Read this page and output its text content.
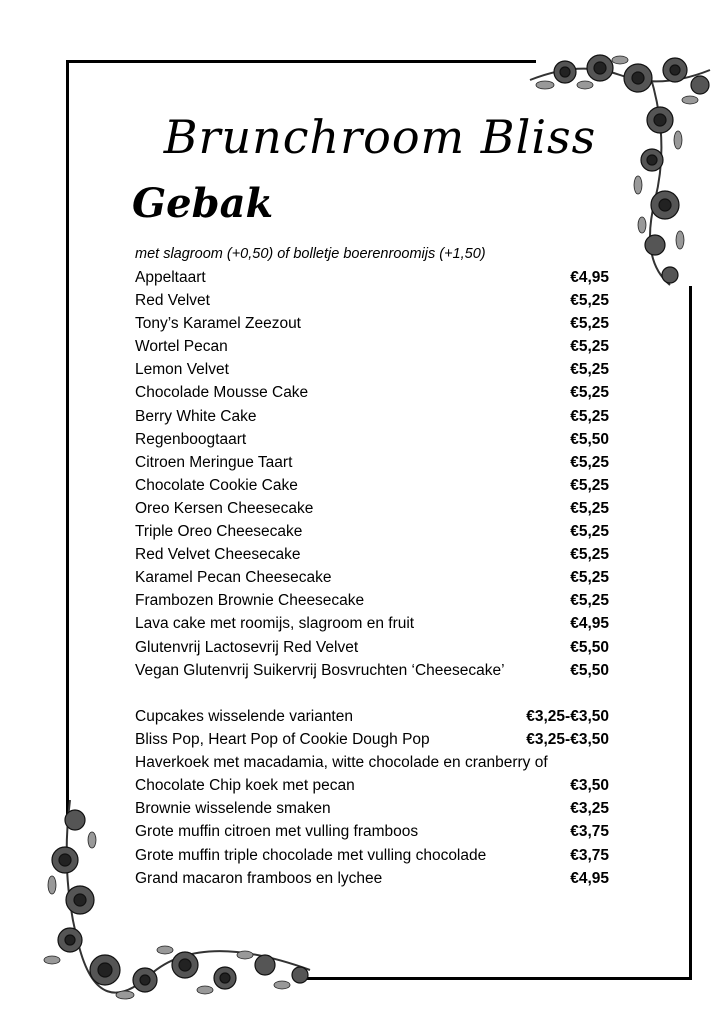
Brunchroom Bliss
Gebak
met slagroom (+0,50) of bolletje boerenroomijs (+1,50)
Appeltaart	€4,95
Red Velvet	€5,25
Tony’s Karamel Zeezout	€5,25
Wortel Pecan	€5,25
Lemon Velvet	€5,25
Chocolade Mousse Cake	€5,25
Berry White Cake	€5,25
Regenboogtaart	€5,50
Citroen Meringue Taart	€5,25
Chocolate Cookie Cake	€5,25
Oreo Kersen Cheesecake	€5,25
Triple Oreo Cheesecake	€5,25
Red Velvet Cheesecake	€5,25
Karamel Pecan Cheesecake	€5,25
Frambozen Brownie Cheesecake	€5,25
Lava cake met roomijs, slagroom en fruit	€4,95
Glutenvrij Lactosevrij Red Velvet	€5,50
Vegan Glutenvrij Suikervrij Bosvruchten ‘Cheesecake’	€5,50
Cupcakes wisselende varianten	€3,25-€3,50
Bliss Pop, Heart Pop of Cookie Dough Pop	€3,25-€3,50
Haverkoek met macadamia, witte chocolade en cranberry of
Chocolate Chip koek met pecan	€3,50
Brownie wisselende smaken	€3,25
Grote muffin citroen met vulling framboos	€3,75
Grote muffin triple chocolade met vulling chocolade	€3,75
Grand macaron framboos en lychee	€4,95
